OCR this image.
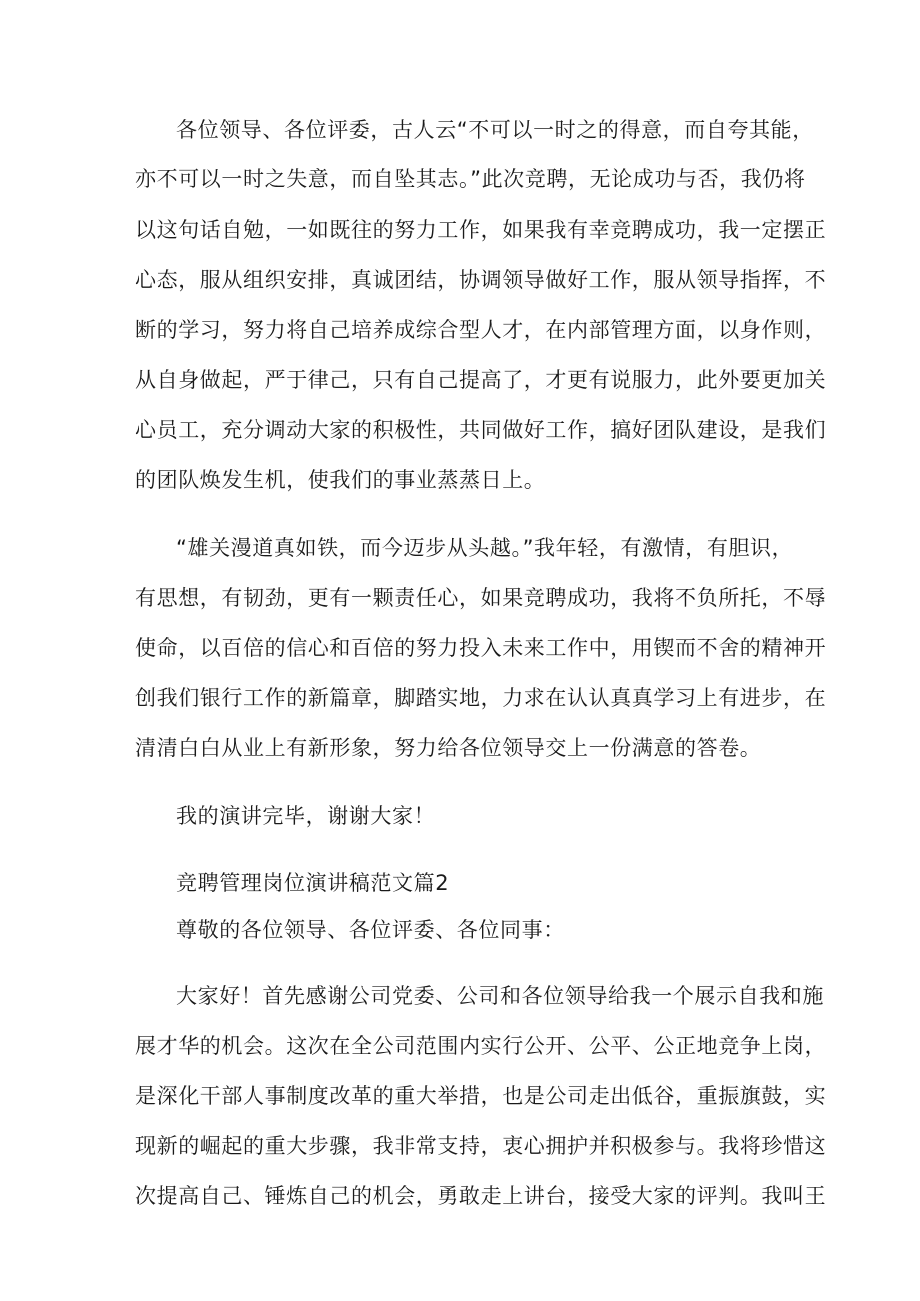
各位领导、各位评委，古人云“不可以一时之的得意，而自夸其能，
亦不可以一时之失意，而自坠其志。”此次竞聘，无论成功与否，我仍将
以这句话自勉，一如既往的努力工作，如果我有幸竞聘成功，我一定摆正
心态，服从组织安排，真诚团结，协调领导做好工作，服从领导指挥，不
断的学习，努力将自己培养成综合型人才，在内部管理方面，以身作则，
从自身做起，严于律己，只有自己提高了，才更有说服力，此外要更加关
心员工，充分调动大家的积极性，共同做好工作，搞好团队建设，是我们
的团队焕发生机，使我们的事业蒸蒸日上。
“雄关漫道真如铁，而今迈步从头越。”我年轻，有激情，有胆识，
有思想，有韧劲，更有一颗责任心，如果竞聘成功，我将不负所托，不辱
使命，以百倍的信心和百倍的努力投入未来工作中，用锲而不舍的精神开
创我们银行工作的新篇章，脚踏实地，力求在认认真真学习上有进步，在
清清白白从业上有新形象，努力给各位领导交上一份满意的答卷。
我的演讲完毕，谢谢大家！
竞聘管理岗位演讲稿范文篇2
尊敬的各位领导、各位评委、各位同事：
大家好！首先感谢公司党委、公司和各位领导给我一个展示自我和施
展才华的机会。这次在全公司范围内实行公开、公平、公正地竞争上岗，
是深化干部人事制度改革的重大举措，也是公司走出低谷，重振旗鼓，实
现新的崛起的重大步骤，我非常支持，衷心拥护并积极参与。我将珍惜这
次提高自己、锤炼自己的机会，勇敢走上讲台，接受大家的评判。我叫王
